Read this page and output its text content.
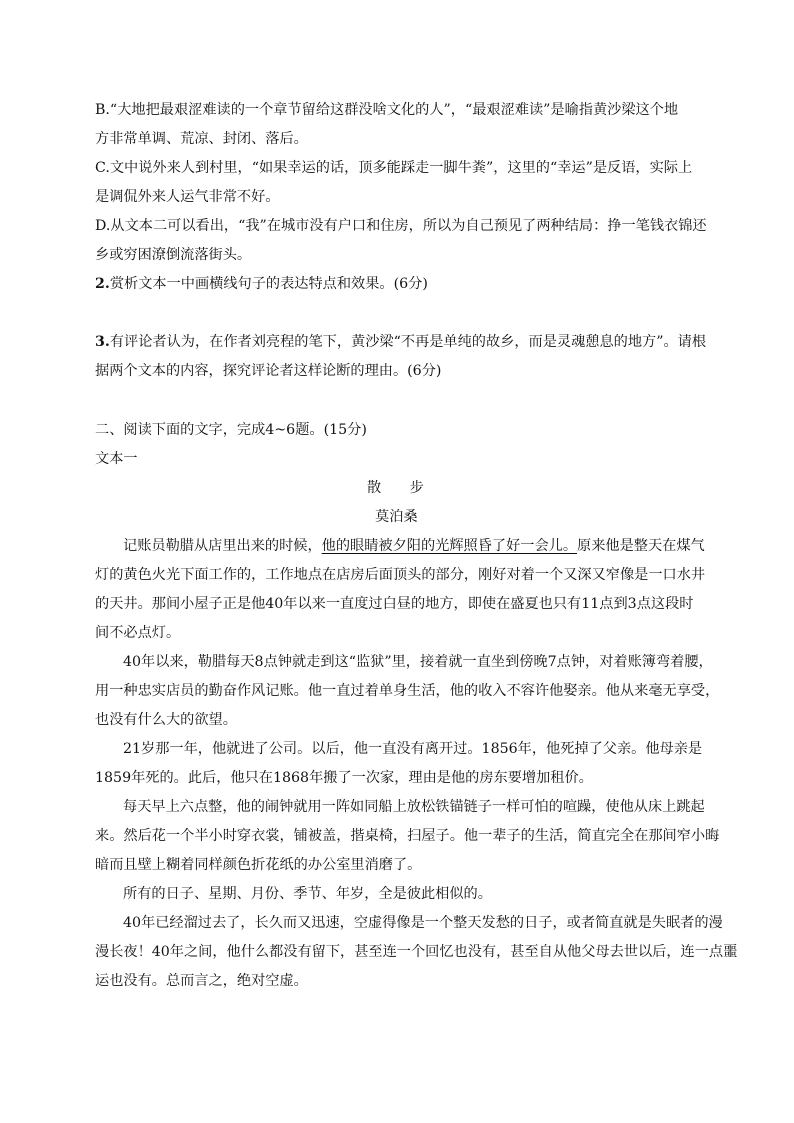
B.“大地把最艰涩难读的一个章节留给这群没啥文化的人”，“最艰涩难读”是喻指黄沙梁这个地
方非常单调、荒凉、封闭、落后。
C.文中说外来人到村里，“如果幸运的话，顶多能踩走一脚牛粪”，这里的“幸运”是反语，实际上
是调侃外来人运气非常不好。
D.从文本二可以看出，“我”在城市没有户口和住房，所以为自己预见了两种结局：挣一笔钱衣锦还
乡或穷困潦倒流落街头。
2.赏析文本一中画横线句子的表达特点和效果。(6分)
3.有评论者认为，在作者刘亮程的笔下，黄沙梁“不再是单纯的故乡，而是灵魂憩息的地方”。请根
据两个文本的内容，探究评论者这样论断的理由。(6分)
二、阅读下面的文字，完成4~6题。(15分)
文本一
散　　步
莫泊桑
记账员勒腊从店里出来的时候，他的眼睛被夕阳的光辉照昏了好一会儿。原来他是整天在煤气
灯的黄色火光下面工作的，工作地点在店房后面顶头的部分，刚好对着一个又深又窄像是一口水井
的天井。那间小屋子正是他40年以来一直度过白昼的地方，即使在盛夏也只有11点到3点这段时
间不必点灯。
40年以来，勒腊每天8点钟就走到这“监狱”里，接着就一直坐到傍晚7点钟，对着账簿弯着腰，
用一种忠实店员的勤奋作风记账。他一直过着单身生活，他的收入不容许他娶亲。他从来毫无享受，
也没有什么大的欲望。
21岁那一年，他就进了公司。以后，他一直没有离开过。1856年，他死掉了父亲。他母亲是
1859年死的。此后，他只在1868年搬了一次家，理由是他的房东要增加租价。
每天早上六点整，他的闹钟就用一阵如同船上放松铁锚链子一样可怕的喧躁，使他从床上跳起
来。然后花一个半小时穿衣裳，铺被盖，揩桌椅，扫屋子。他一辈子的生活，简直完全在那间窄小晦
暗而且壁上糊着同样颜色折花纸的办公室里消磨了。
所有的日子、星期、月份、季节、年岁，全是彼此相似的。
40年已经溜过去了，长久而又迅速，空虚得像是一个整天发愁的日子，或者简直就是失眠者的漫
漫长夜！40年之间，他什么都没有留下，甚至连一个回忆也没有，甚至自从他父母去世以后，连一点噩
运也没有。总而言之，绝对空虚。
